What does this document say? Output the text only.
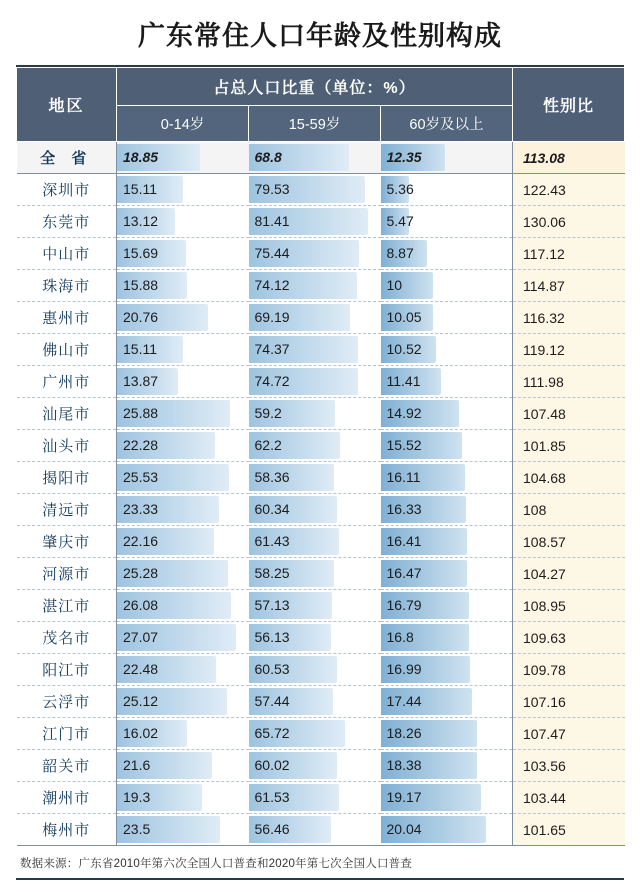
广东常住人口年龄及性别构成
地区	占总人口比重（单位：%）			性别比
	0-14岁	15-59岁	60岁及以上	
全 省	18.85	68.8	12.35	113.08
深圳市	15.11	79.53	5.36	122.43
东莞市	13.12	81.41	5.47	130.06
中山市	15.69	75.44	8.87	117.12
珠海市	15.88	74.12	10	114.87
惠州市	20.76	69.19	10.05	116.32
佛山市	15.11	74.37	10.52	119.12
广州市	13.87	74.72	11.41	111.98
汕尾市	25.88	59.2	14.92	107.48
汕头市	22.28	62.2	15.52	101.85
揭阳市	25.53	58.36	16.11	104.68
清远市	23.33	60.34	16.33	108
肇庆市	22.16	61.43	16.41	108.57
河源市	25.28	58.25	16.47	104.27
湛江市	26.08	57.13	16.79	108.95
茂名市	27.07	56.13	16.8	109.63
阳江市	22.48	60.53	16.99	109.78
云浮市	25.12	57.44	17.44	107.16
江门市	16.02	65.72	18.26	107.47
韶关市	21.6	60.02	18.38	103.56
潮州市	19.3	61.53	19.17	103.44
梅州市	23.5	56.46	20.04	101.65
数据来源：广东省2010年第六次全国人口普查和2020年第七次全国人口普查
